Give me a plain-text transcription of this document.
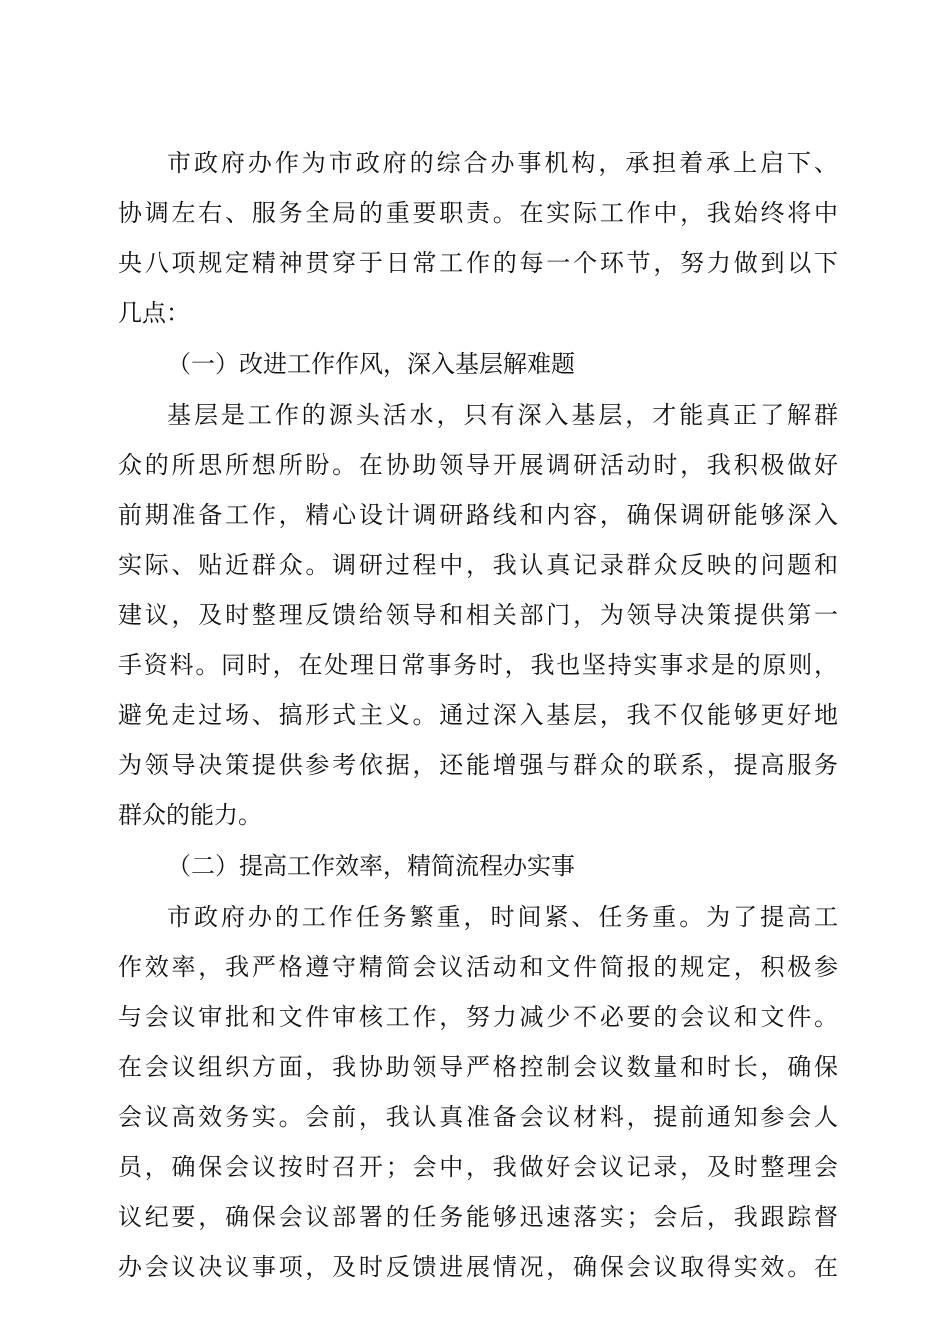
市政府办作为市政府的综合办事机构，承担着承上启下、
协调左右、服务全局的重要职责。在实际工作中，我始终将中
央八项规定精神贯穿于日常工作的每一个环节，努力做到以下
几点：
（一）改进工作作风，深入基层解难题
基层是工作的源头活水，只有深入基层，才能真正了解群
众的所思所想所盼。在协助领导开展调研活动时，我积极做好
前期准备工作，精心设计调研路线和内容，确保调研能够深入
实际、贴近群众。调研过程中，我认真记录群众反映的问题和
建议，及时整理反馈给领导和相关部门，为领导决策提供第一
手资料。同时，在处理日常事务时，我也坚持实事求是的原则，
避免走过场、搞形式主义。通过深入基层，我不仅能够更好地
为领导决策提供参考依据，还能增强与群众的联系，提高服务
群众的能力。
（二）提高工作效率，精简流程办实事
市政府办的工作任务繁重，时间紧、任务重。为了提高工
作效率，我严格遵守精简会议活动和文件简报的规定，积极参
与会议审批和文件审核工作，努力减少不必要的会议和文件。
在会议组织方面，我协助领导严格控制会议数量和时长，确保
会议高效务实。会前，我认真准备会议材料，提前通知参会人
员，确保会议按时召开；会中，我做好会议记录，及时整理会
议纪要，确保会议部署的任务能够迅速落实；会后，我跟踪督
办会议决议事项，及时反馈进展情况，确保会议取得实效。在
